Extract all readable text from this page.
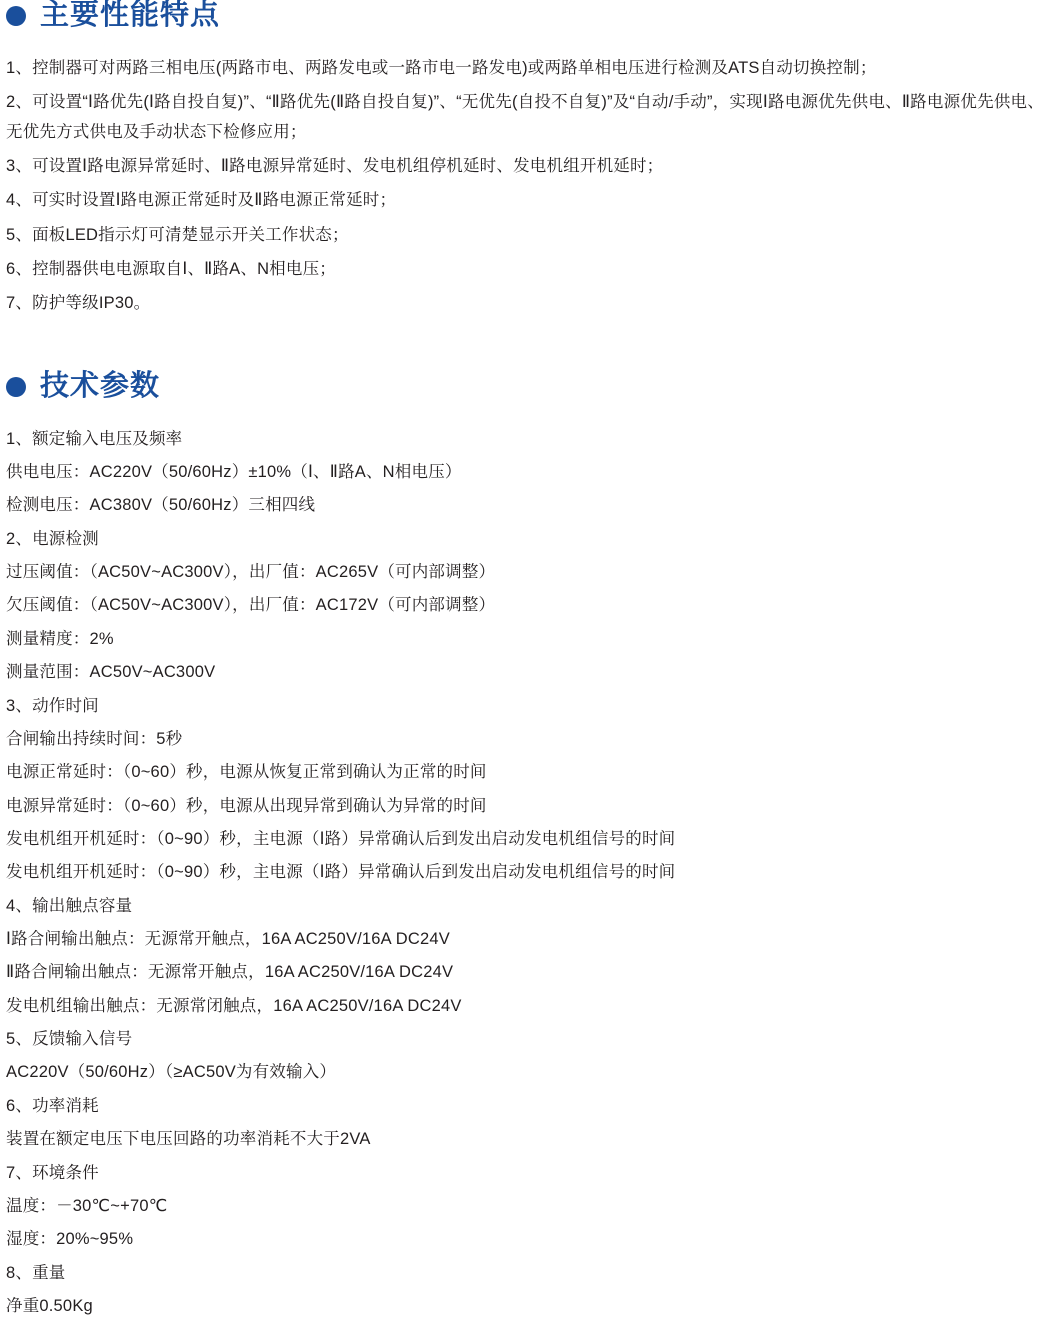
主要性能特点

1、控制器可对两路三相电压(两路市电、两路发电或一路市电一路发电)或两路单相电压进行检测及ATS自动切换控制；

2、可设置“Ⅰ路优先(Ⅰ路自投自复)”、“Ⅱ路优先(Ⅱ路自投自复)”、“无优先(自投不自复)”及“自动/手动”，实现Ⅰ路电源优先供电、Ⅱ路电源优先供电、无优先方式供电及手动状态下检修应用；

3、可设置Ⅰ路电源异常延时、Ⅱ路电源异常延时、发电机组停机延时、发电机组开机延时；

4、可实时设置Ⅰ路电源正常延时及Ⅱ路电源正常延时；

5、面板LED指示灯可清楚显示开关工作状态；

6、控制器供电电源取自Ⅰ、Ⅱ路A、N相电压；

7、防护等级IP30。

技术参数

1、额定输入电压及频率

供电电压：AC220V（50/60Hz）±10%（Ⅰ、Ⅱ路A、N相电压）

检测电压：AC380V（50/60Hz）三相四线

2、电源检测

过压阈值：（AC50V~AC300V），出厂值：AC265V（可内部调整）

欠压阈值：（AC50V~AC300V），出厂值：AC172V（可内部调整）

测量精度：2%

测量范围：AC50V~AC300V

3、动作时间

合闸输出持续时间：5秒

电源正常延时：（0~60）秒，电源从恢复正常到确认为正常的时间

电源异常延时：（0~60）秒，电源从出现异常到确认为异常的时间

发电机组开机延时：（0~90）秒，主电源（Ⅰ路）异常确认后到发出启动发电机组信号的时间

发电机组开机延时：（0~90）秒，主电源（Ⅰ路）异常确认后到发出启动发电机组信号的时间

4、输出触点容量

Ⅰ路合闸输出触点：无源常开触点，16A AC250V/16A DC24V

Ⅱ路合闸输出触点：无源常开触点，16A AC250V/16A DC24V

发电机组输出触点：无源常闭触点，16A AC250V/16A DC24V

5、反馈输入信号

AC220V（50/60Hz）（≥AC50V为有效输入）

6、功率消耗

装置在额定电压下电压回路的功率消耗不大于2VA

7、环境条件

温度：－30℃~+70℃

湿度：20%~95%

8、重量

净重0.50Kg
